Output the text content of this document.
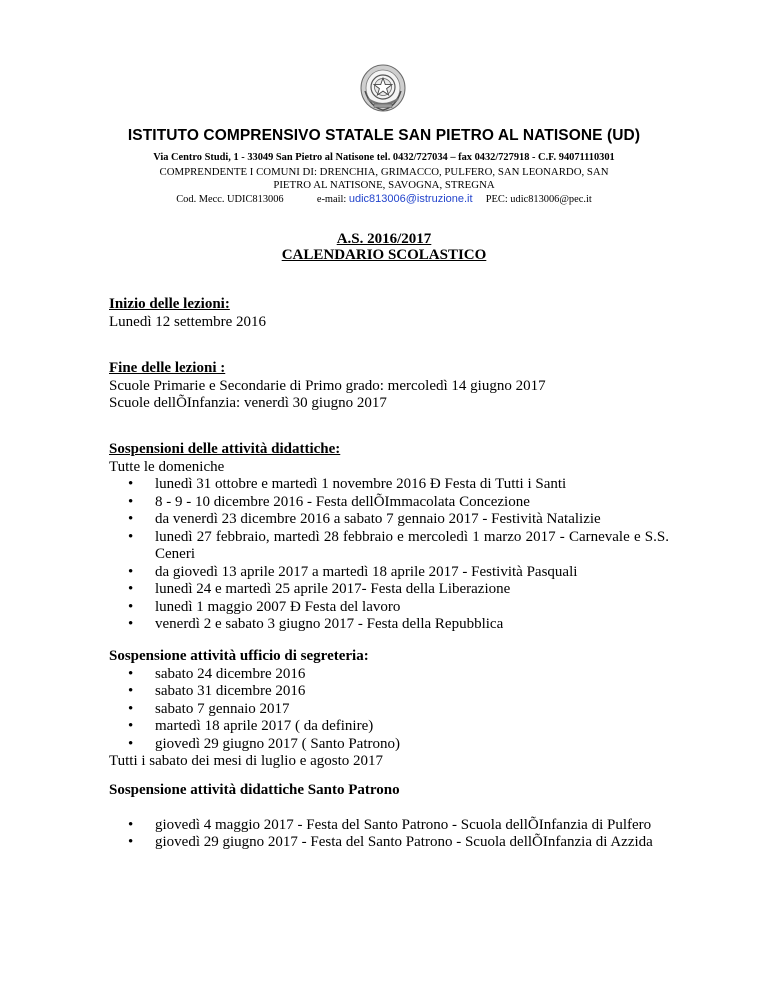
ISTITUTO COMPRENSIVO STATALE SAN PIETRO AL NATISONE (UD)
Via Centro Studi, 1 - 33049 San Pietro al Natisone tel. 0432/727034 – fax 0432/727918 - C.F. 94071110301
COMPRENDENTE I COMUNI DI: DRENCHIA, GRIMACCO, PULFERO, SAN LEONARDO, SAN PIETRO AL NATISONE, SAVOGNA, STREGNA
Cod. Mecc. UDIC813006	e-mail: udic813006@istruzione.it PEC: udic813006@pec.it
A.S. 2016/2017
CALENDARIO SCOLASTICO
Inizio delle lezioni:
Lunedì 12 settembre 2016
Fine delle lezioni :
Scuole Primarie e Secondarie di Primo grado: mercoledì 14 giugno 2017
Scuole dellÕInfanzia: venerdì 30 giugno 2017
Sospensioni delle attività didattiche:
Tutte le domeniche
• lunedì 31 ottobre e martedì 1 novembre 2016 Ð Festa di Tutti i Santi
• 8 - 9 - 10 dicembre 2016 - Festa dellÕImmacolata Concezione
• da venerdì 23 dicembre 2016 a sabato 7 gennaio 2017 - Festività Natalizie
• lunedì 27 febbraio, martedì 28 febbraio e mercoledì 1 marzo 2017 - Carnevale e S.S. Ceneri
• da giovedì 13 aprile 2017 a martedì 18 aprile 2017 - Festività Pasquali
• lunedì 24 e martedì 25 aprile 2017- Festa della Liberazione
• lunedì 1 maggio 2007 Ð Festa del lavoro
• venerdì 2 e sabato 3 giugno 2017 - Festa della Repubblica
Sospensione attività ufficio di segreteria:
• sabato 24 dicembre 2016
• sabato 31 dicembre 2016
• sabato 7 gennaio 2017
• martedì 18 aprile 2017 ( da definire)
• giovedì 29 giugno 2017 ( Santo Patrono)
Tutti i sabato dei mesi di luglio e agosto 2017
Sospensione attività didattiche Santo Patrono
• giovedì 4 maggio 2017 - Festa del Santo Patrono - Scuola dellÕInfanzia di Pulfero
• giovedì 29 giugno 2017 - Festa del Santo Patrono - Scuola dellÕInfanzia di Azzida
